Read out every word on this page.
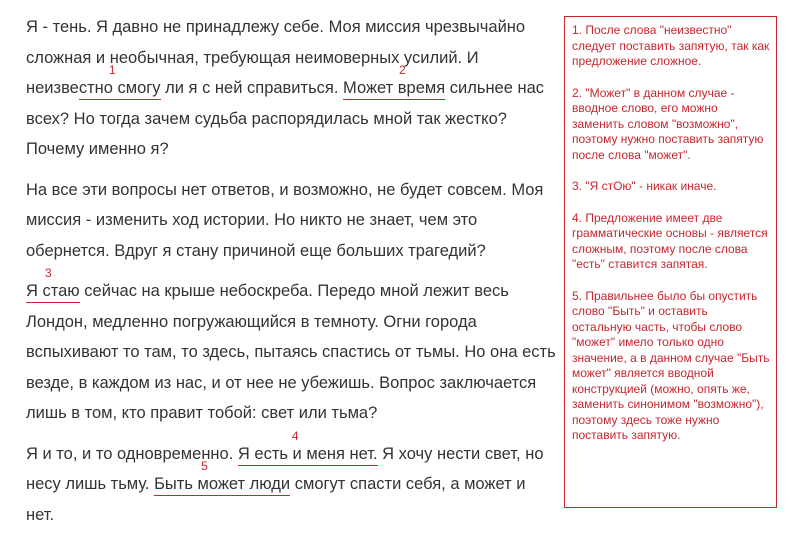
Я - тень. Я давно не принадлежу себе. Моя миссия чрезвычайно
сложная и необычная, требующая неимоверных усилий. И
неизве
1
стно смогу ли я с ней справиться.
2
Может время сильнее нас
всех? Но тогда зачем судьба распорядилась мной так жестко?
Почему именно я?
На все эти вопросы нет ответов, и возможно, не будет совсем. Моя
миссия - изменить ход истории. Но никто не знает, чем это
обернется. Вдруг я стану причиной еще больших трагедий?
3
Я стаю сейчас на крыше небоскреба. Передо мной лежит весь
Лондон, медленно погружающийся в темноту. Огни города
вспыхивают то там, то здесь, пытаясь спастись от тьмы. Но она есть
везде, в каждом из нас, и от нее не убежишь. Вопрос заключается
лишь в том, кто правит тобой: свет или тьма?
Я и то, и то одновременно.
4
Я есть и меня нет. Я хочу нести свет, но
несу лишь тьму.
5
Быть может люди смогут спасти себя, а может и
нет.

1. После слова "неизвестно" следует поставить запятую, так как предложение сложное.

2. "Может" в данном случае - вводное слово, его можно заменить словом "возможно", поэтому нужно поставить запятую после слова "может".

3. "Я стОю" - никак иначе.

4. Предложение имеет две грамматические основы - является сложным, поэтому после слова "есть" ставится запятая.

5. Правильнее было бы опустить слово "Быть" и оставить остальную часть, чтобы слово "может" имело только одно значение, а в данном случае "Быть может" является вводной конструкцией (можно, опять же, заменить синонимом "возможно"), поэтому здесь тоже нужно поставить запятую.
